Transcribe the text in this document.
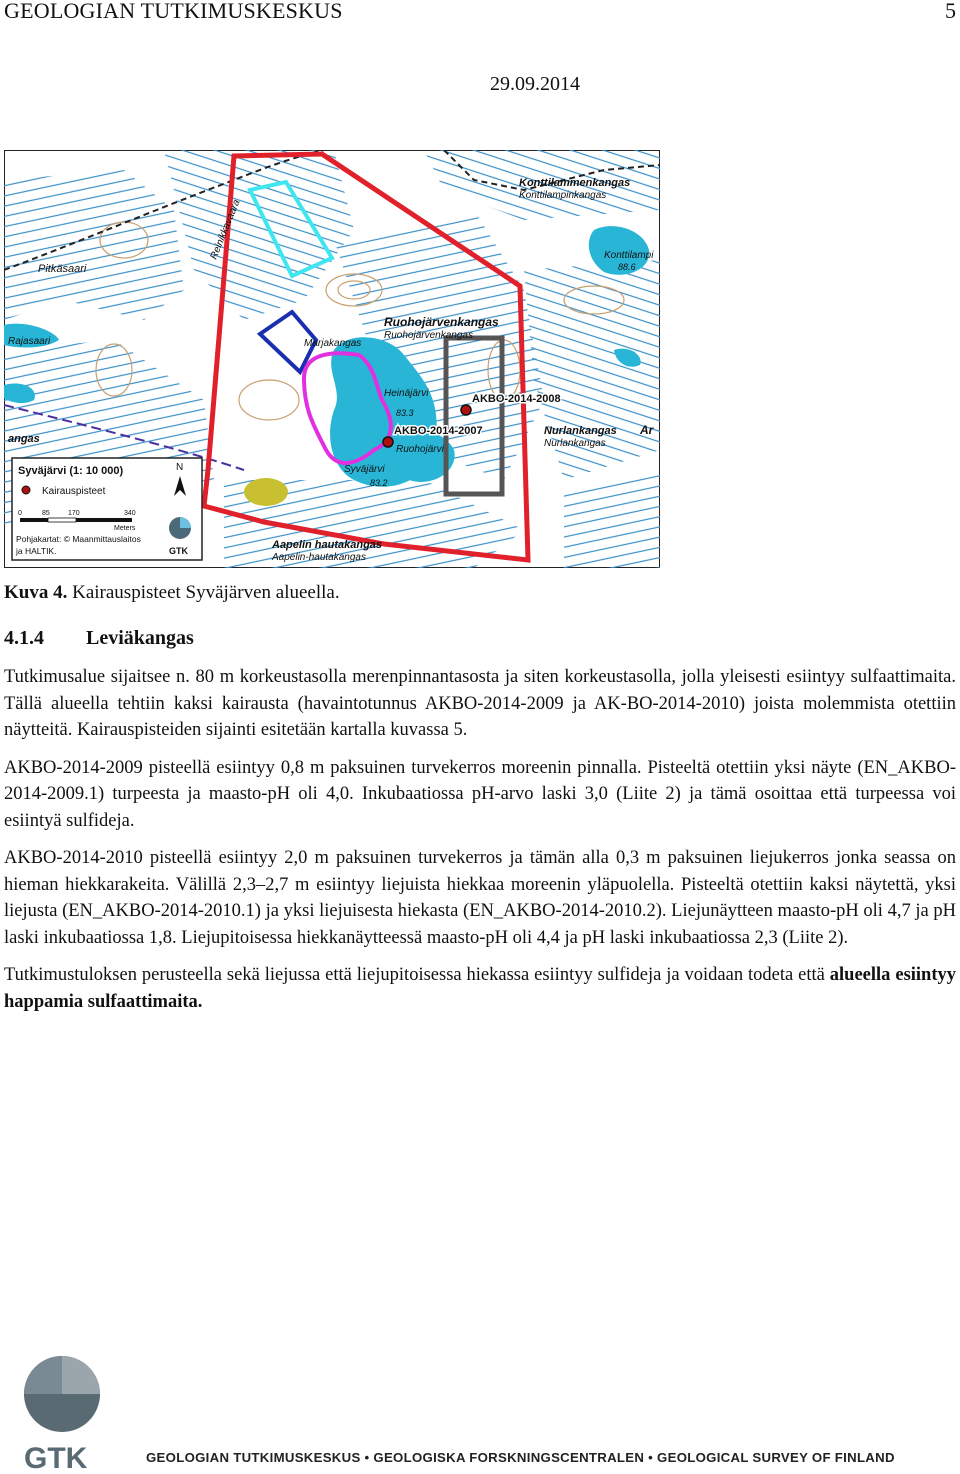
GEOLOGIAN TUTKIMUSKESKUS	5
29.09.2014
Konttilammenkangas
Konttilampinkangas
Konttilampi
88.6
Pitkäsaari
Rajasaari
angas
Reinikkavaara
Ruohojärvenkangas
Ruohojärvenkangas
Marjakangas
Heinäjärvi
83.3
Ruohojärvi
Syväjärvi
83.2
Nurlankangas
Nurlankangas
Ar
Aapelin hautakangas
Aapelin-hautakangas
AKBO-2014-2008
AKBO-2014-2007
Syväjärvi (1: 10 000)	N
Kairauspisteet
0	85	170	340
Meters
Pohjakartat: © Maanmittauslaitos
ja HALTIK.	GTK
Kuva 4. Kairauspisteet Syväjärven alueella.
4.1.4 Leviäkangas

Tutkimusalue sijaitsee n. 80 m korkeustasolla merenpinnantasosta ja siten korkeustasolla, jolla yleisesti esiintyy sulfaattimaita. Tällä alueella tehtiin kaksi kairausta (havaintotunnus AKBO-2014-2009 ja AK-BO-2014-2010) joista molemmista otettiin näytteitä. Kairauspisteiden sijainti esitetään kartalla kuvassa 5.

AKBO-2014-2009 pisteellä esiintyy 0,8 m paksuinen turvekerros moreenin pinnalla. Pisteeltä otettiin yksi näyte (EN_AKBO-2014-2009.1) turpeesta ja maasto-pH oli 4,0. Inkubaatiossa pH-arvo laski 3,0 (Liite 2) ja tämä osoittaa että turpeessa voi esiintyä sulfideja.

AKBO-2014-2010 pisteellä esiintyy 2,0 m paksuinen turvekerros ja tämän alla 0,3 m paksuinen liejukerros jonka seassa on hieman hiekkarakeita. Välillä 2,3–2,7 m esiintyy liejuista hiekkaa moreenin yläpuolella. Pisteeltä otettiin kaksi näytettä, yksi liejusta (EN_AKBO-2014-2010.1) ja yksi liejuisesta hiekasta (EN_AKBO-2014-2010.2). Liejunäytteen maasto-pH oli 4,7 ja pH laski inkubaatiossa 1,8. Liejupitoisessa hiekkanäytteessä maasto-pH oli 4,4 ja pH laski inkubaatiossa 2,3 (Liite 2).

Tutkimustuloksen perusteella sekä liejussa että liejupitoisessa hiekassa esiintyy sulfideja ja voidaan todeta että alueella esiintyy happamia sulfaattimaita.

GTK	GEOLOGIAN TUTKIMUSKESKUS • GEOLOGISKA FORSKNINGSCENTRALEN • GEOLOGICAL SURVEY OF FINLAND
